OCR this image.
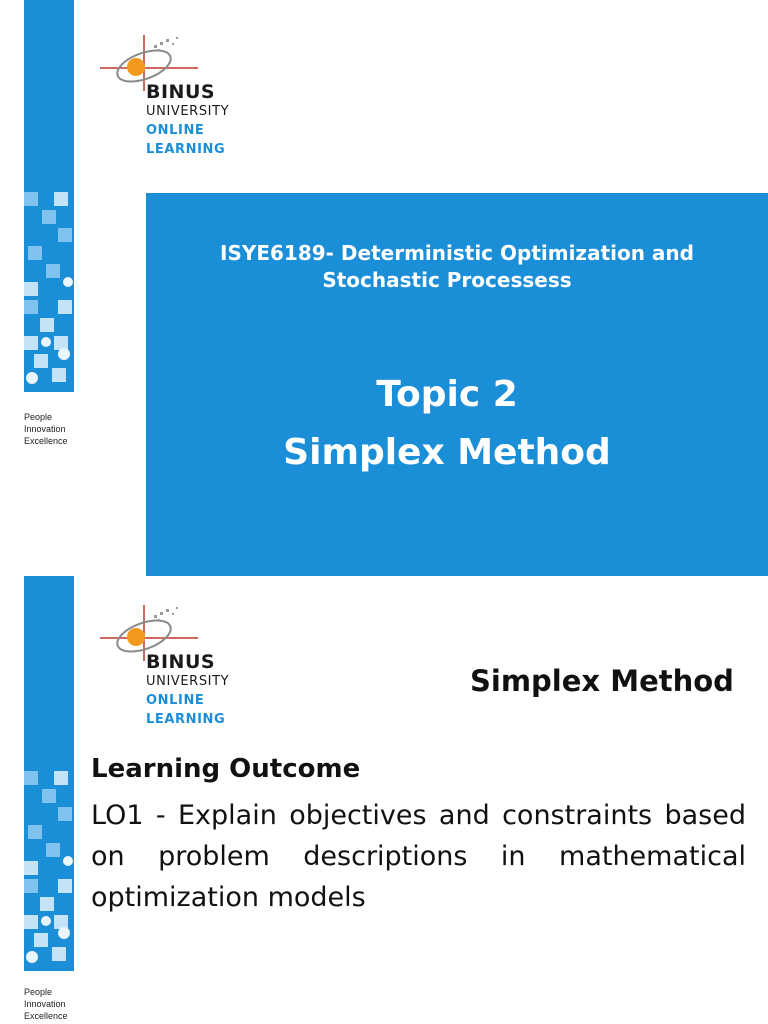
People
Innovation
Excellence
BINUS
UNIVERSITY
ONLINE
LEARNING
ISYE6189- Deterministic Optimization and
Stochastic Processess
Topic 2
Simplex Method
People
Innovation
Excellence
BINUS
UNIVERSITY
ONLINE
LEARNING
Simplex Method
Learning Outcome
LO1 - Explain objectives and constraints based on problem descriptions in mathematical optimization models
